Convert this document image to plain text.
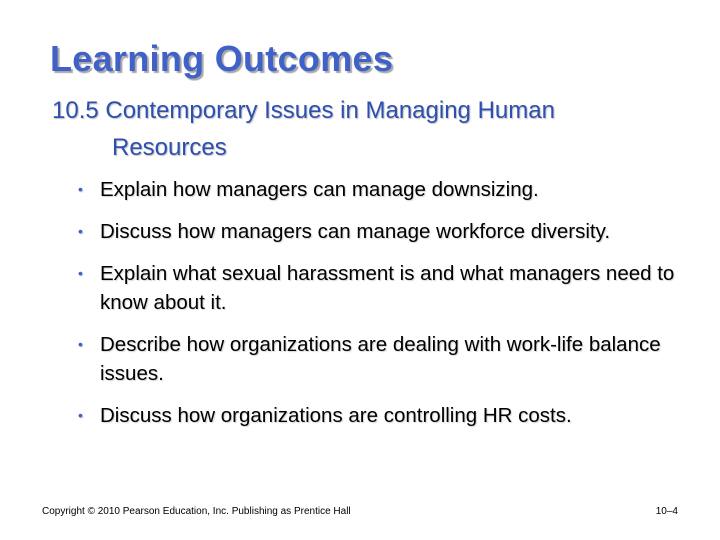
Learning Outcomes
10.5 Contemporary Issues in Managing Human
Resources
• Explain how managers can manage downsizing.
• Discuss how managers can manage workforce diversity.
• Explain what sexual harassment is and what managers need to know about it.
• Describe how organizations are dealing with work-life balance issues.
• Discuss how organizations are controlling HR costs.
Copyright © 2010 Pearson Education, Inc. Publishing as Prentice Hall	10–4
